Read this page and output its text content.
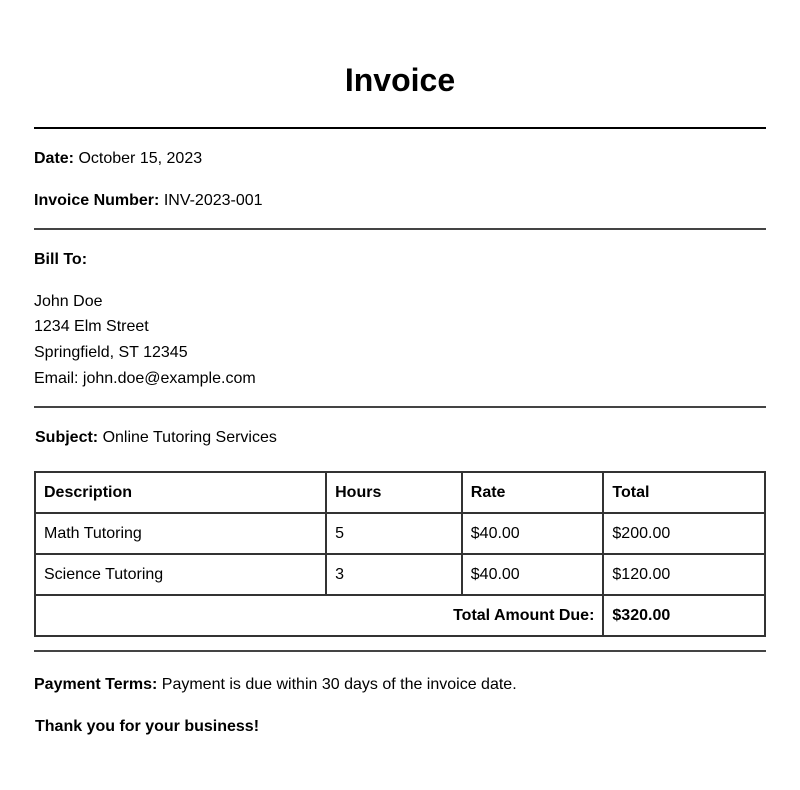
Invoice
Date: October 15, 2023
Invoice Number: INV-2023-001
Bill To:
John Doe
1234 Elm Street
Springfield, ST 12345
Email: john.doe@example.com
Subject: Online Tutoring Services
Description	Hours	Rate	Total
Math Tutoring	5	$40.00	$200.00
Science Tutoring	3	$40.00	$120.00
Total Amount Due:			$320.00
Payment Terms: Payment is due within 30 days of the invoice date.
Thank you for your business!
